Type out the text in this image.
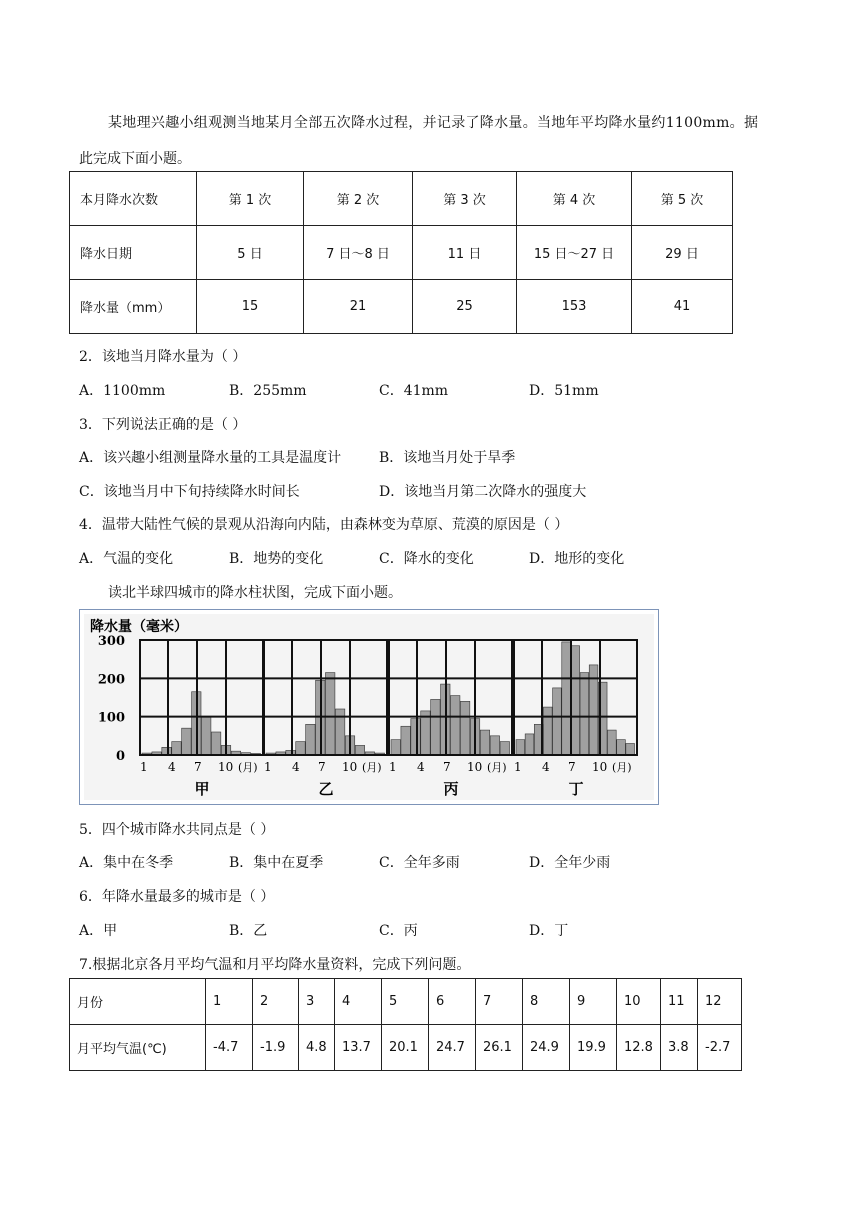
某地理兴趣小组观测当地某月全部五次降水过程，并记录了降水量。当地年平均降水量约1100mm。据
此完成下面小题。
本月降水次数	第 1 次	第 2 次	第 3 次	第 4 次	第 5 次
降水日期	5 日	7 日～8 日	11 日	15 日～27 日	29 日
降水量（mm）	15	21	25	153	41
2．该地当月降水量为（ ）
A．1100mm	B．255mm	C．41mm	D．51mm
3．下列说法正确的是（ ）
A．该兴趣小组测量降水量的工具是温度计	B．该地当月处于旱季
C．该地当月中下旬持续降水时间长	D．该地当月第二次降水的强度大
4．温带大陆性气候的景观从沿海向内陆，由森林变为草原、荒漠的原因是（ ）
A．气温的变化	B．地势的变化	C．降水的变化	D．地形的变化
读北半球四城市的降水柱状图，完成下面小题。
降水量（毫米）
300
200
100
0
1 4 7 10 (月)
甲
1 4 7 10 (月)
乙
1 4 7 10 (月)
丙
1 4 7 10 (月)
丁
5．四个城市降水共同点是（ ）
A．集中在冬季	B．集中在夏季	C．全年多雨	D．全年少雨
6．年降水量最多的城市是（ ）
A．甲	B．乙	C．丙	D．丁
7.根据北京各月平均气温和月平均降水量资料，完成下列问题。
月份	1	2	3	4	5	6	7	8	9	10	11	12
月平均气温(℃)	-4.7	-1.9	4.8	13.7	20.1	24.7	26.1	24.9	19.9	12.8	3.8	-2.7
